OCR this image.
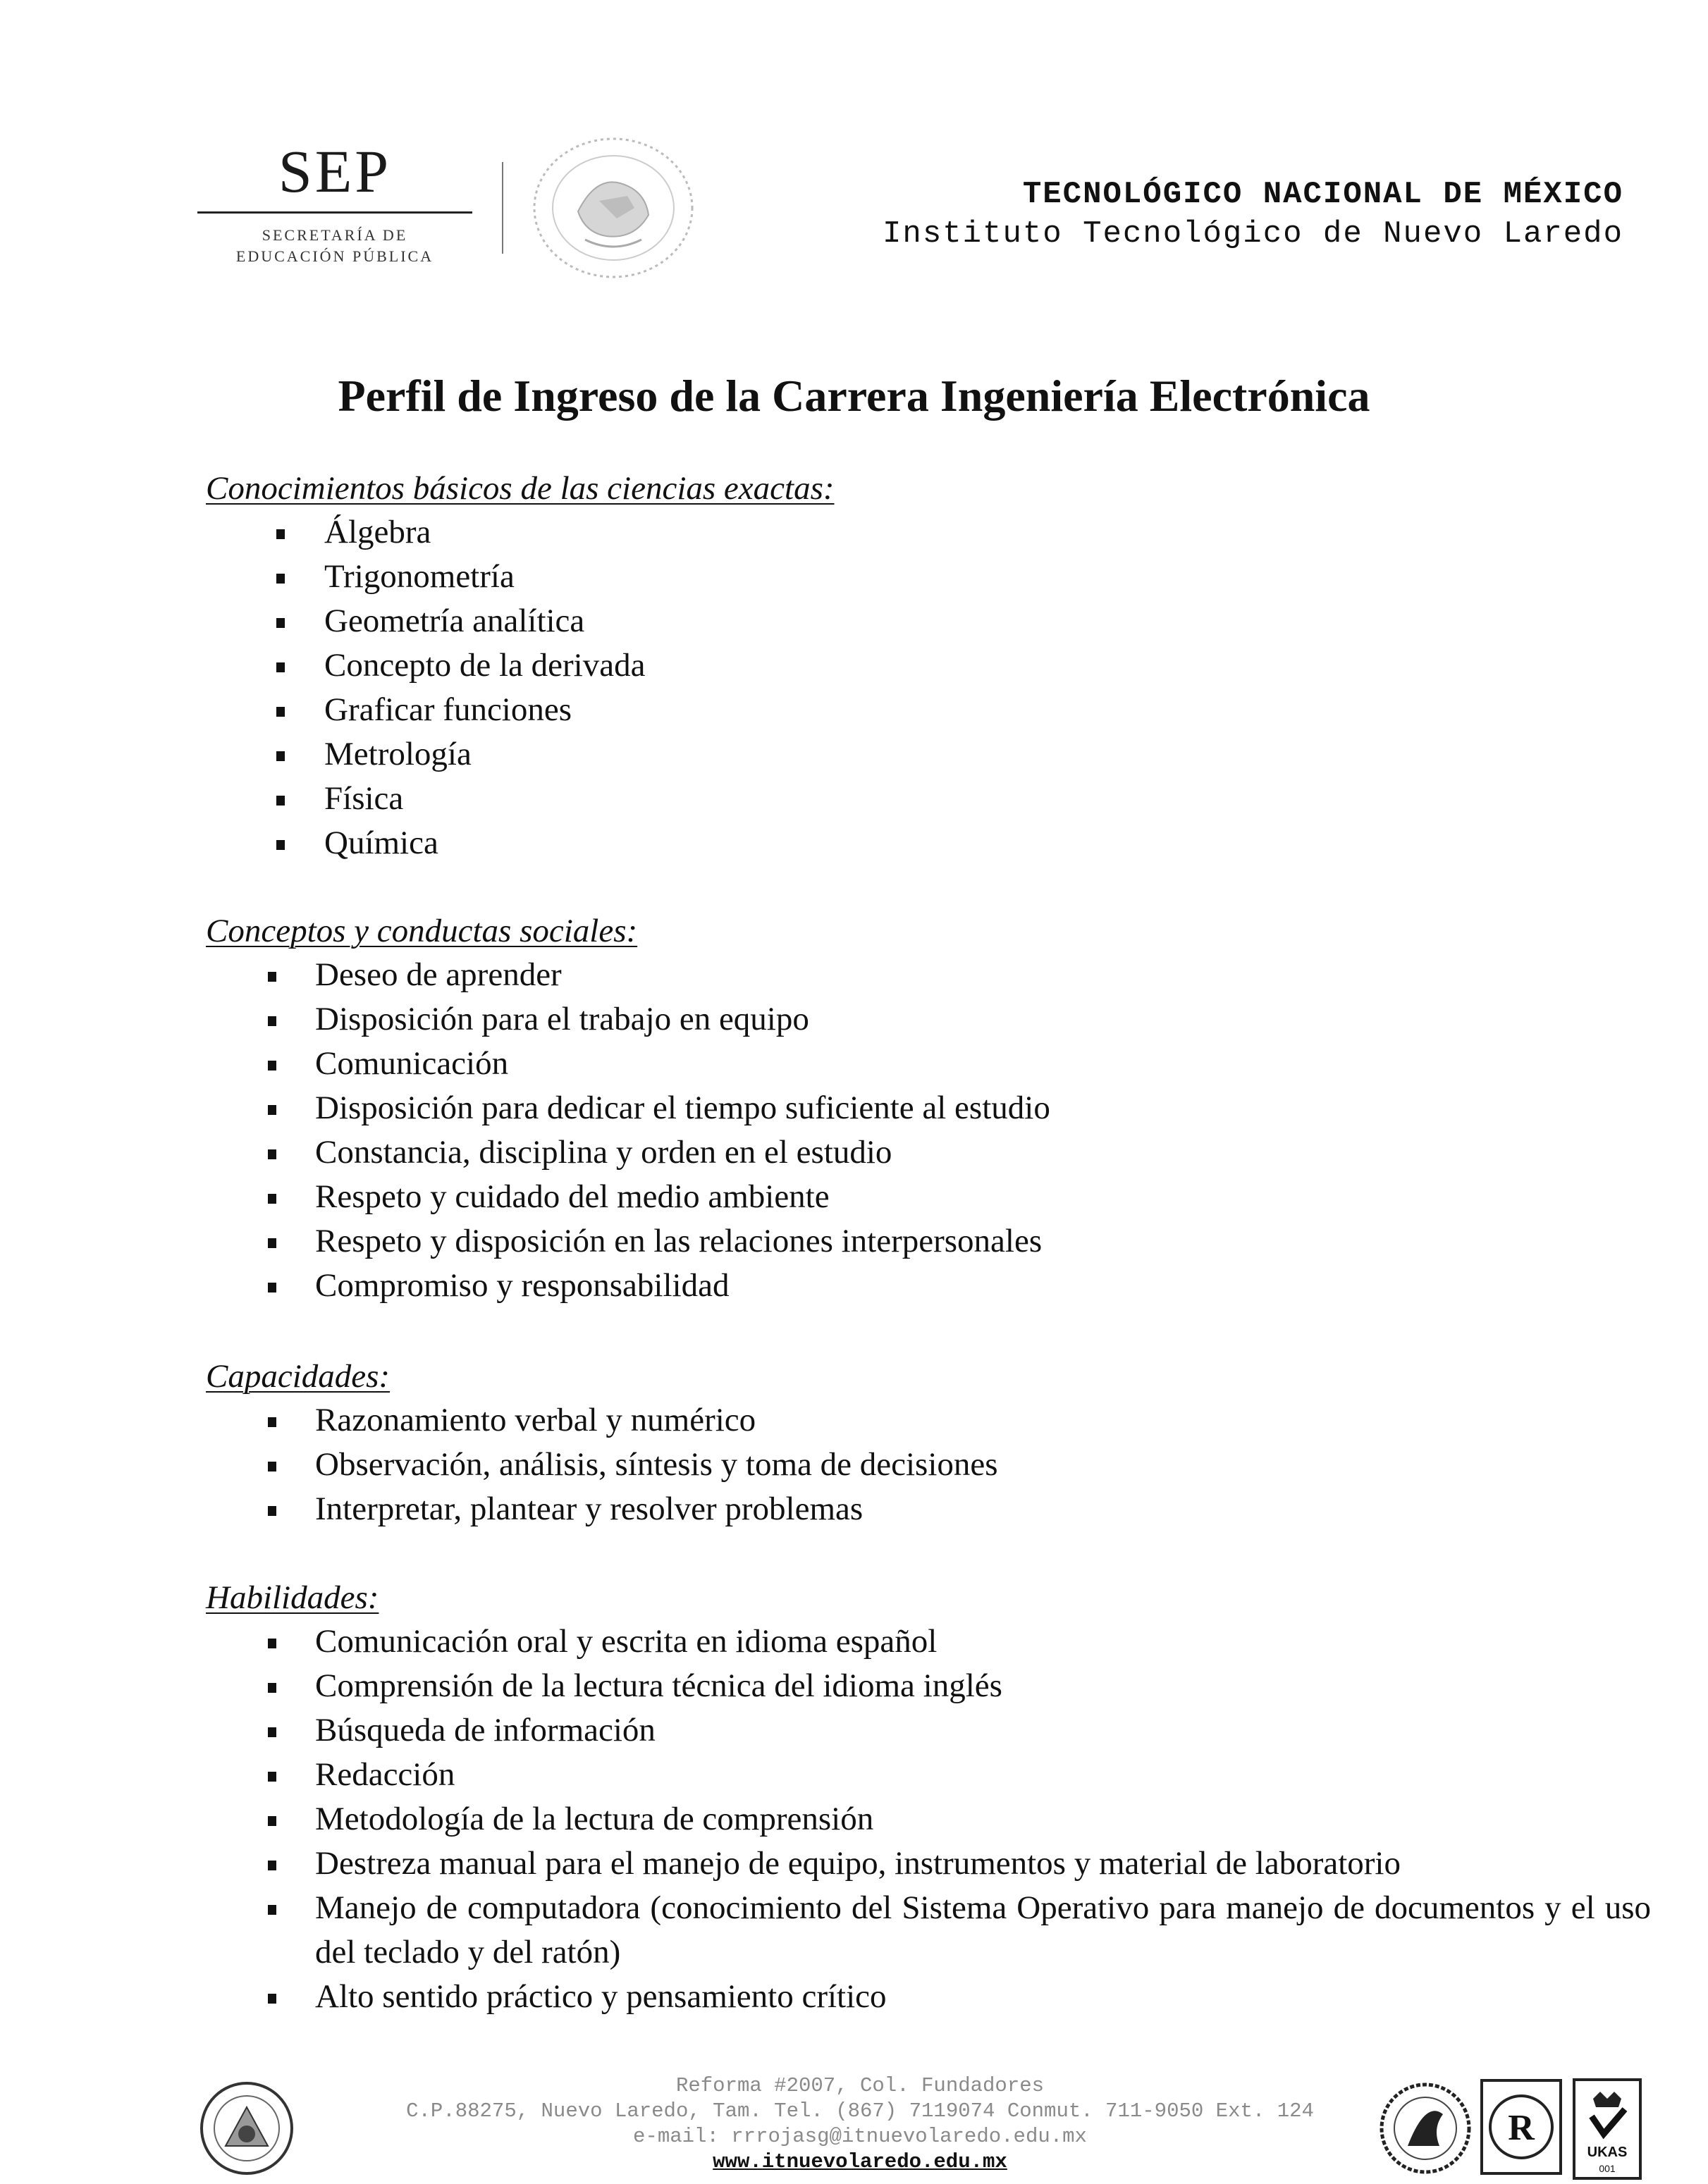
SEP
SECRETARÍA DE
EDUCACIÓN PÚBLICA
TECNOLÓGICO NACIONAL DE MÉXICO
Instituto Tecnológico de Nuevo Laredo
Perfil de Ingreso de la Carrera Ingeniería Electrónica
Conocimientos básicos de las ciencias exactas:
Álgebra
Trigonometría
Geometría analítica
Concepto de la derivada
Graficar funciones
Metrología
Física
Química
Conceptos y conductas sociales:
Deseo de aprender
Disposición para el trabajo en equipo
Comunicación
Disposición para dedicar el tiempo suficiente al estudio
Constancia, disciplina y orden en el estudio
Respeto y cuidado del medio ambiente
Respeto y disposición en las relaciones interpersonales
Compromiso y responsabilidad
Capacidades:
Razonamiento verbal y numérico
Observación, análisis, síntesis y toma de decisiones
Interpretar, plantear y resolver problemas
Habilidades:
Comunicación oral y escrita en idioma español
Comprensión de la lectura técnica del idioma inglés
Búsqueda de información
Redacción
Metodología de la lectura de comprensión
Destreza manual para el manejo de equipo, instrumentos y material de laboratorio
Manejo de computadora (conocimiento del Sistema Operativo para manejo de documentos y el uso del teclado y del ratón)
Alto sentido práctico y pensamiento crítico
Reforma #2007, Col. Fundadores
C.P.88275, Nuevo Laredo, Tam. Tel. (867) 7119074 Conmut. 711-9050 Ext. 124
e-mail: rrrojasg@itnuevolaredo.edu.mx
www.itnuevolaredo.edu.mx
R
UKAS
001
